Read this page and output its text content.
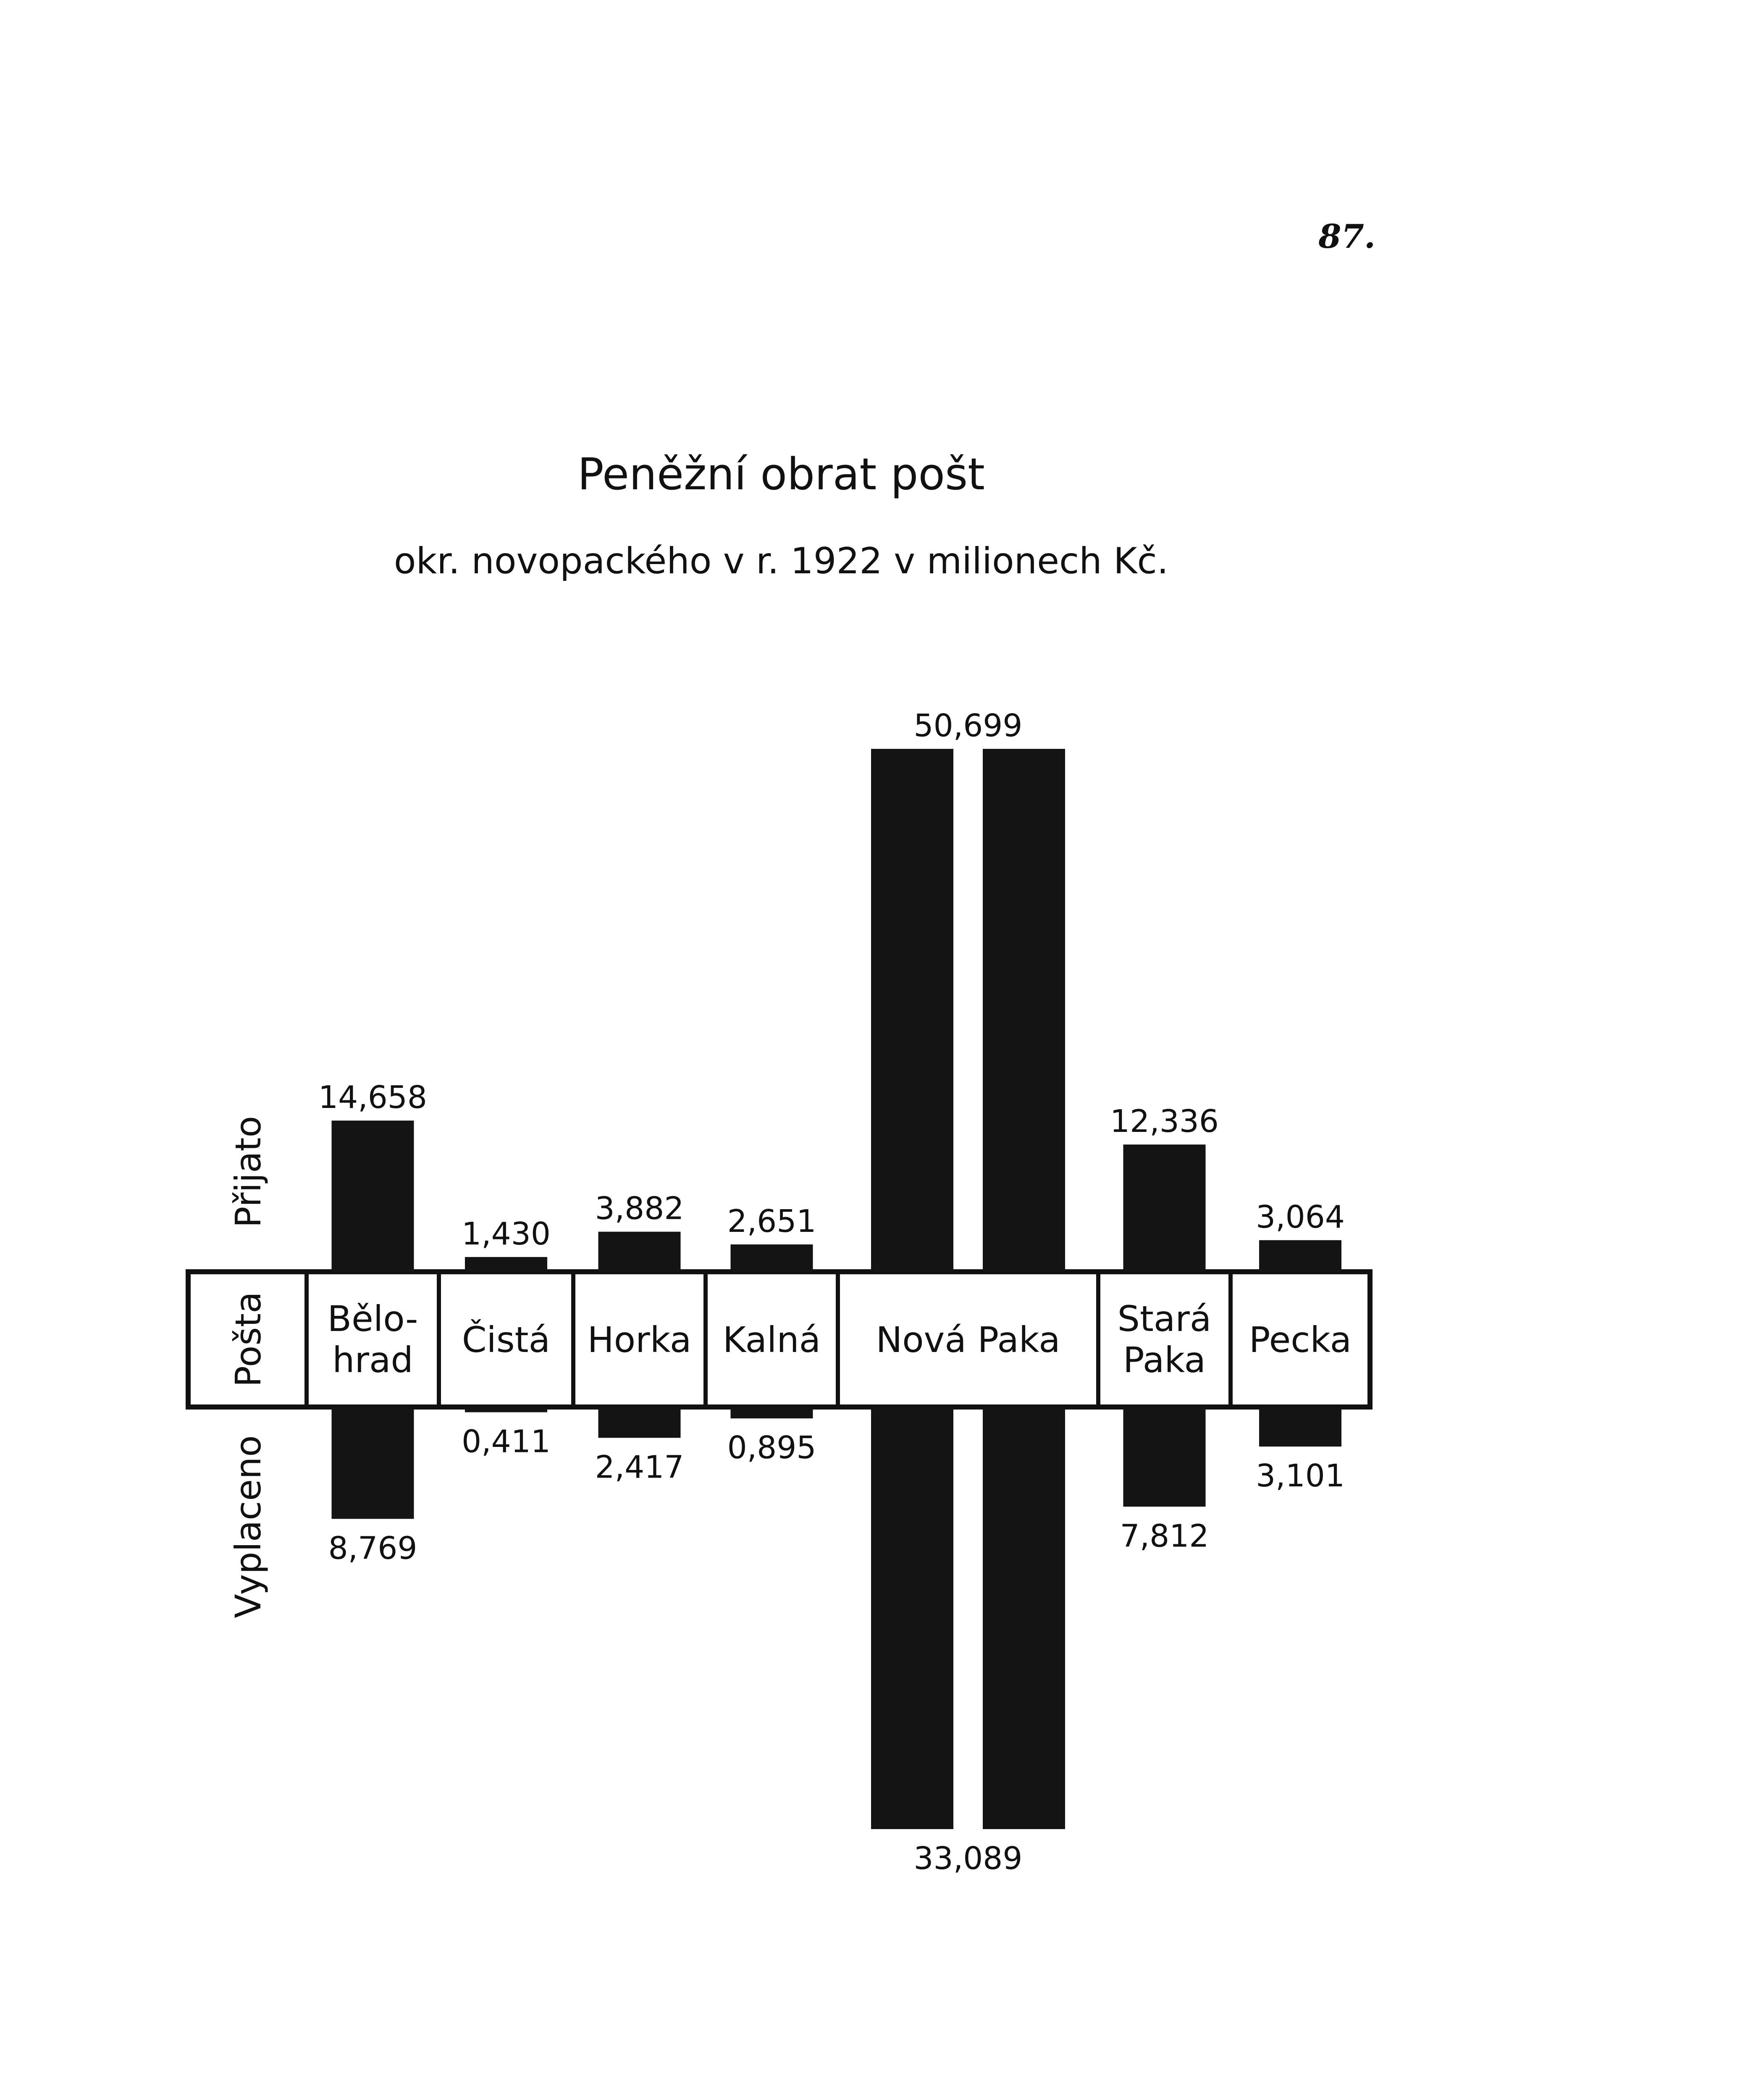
87.
Peněžní obrat pošt
okr. novopackého v r. 1922 v milionech Kč.
Pošta
Přijato
Vyplaceno
14,658
8,769
Bělo-
hrad
1,430
0,411
Čistá
3,882
2,417
Horka
2,651
0,895
Kalná
50,699
33,089
Nová Paka
12,336
7,812
Stará
Paka
3,064
3,101
Pecka
